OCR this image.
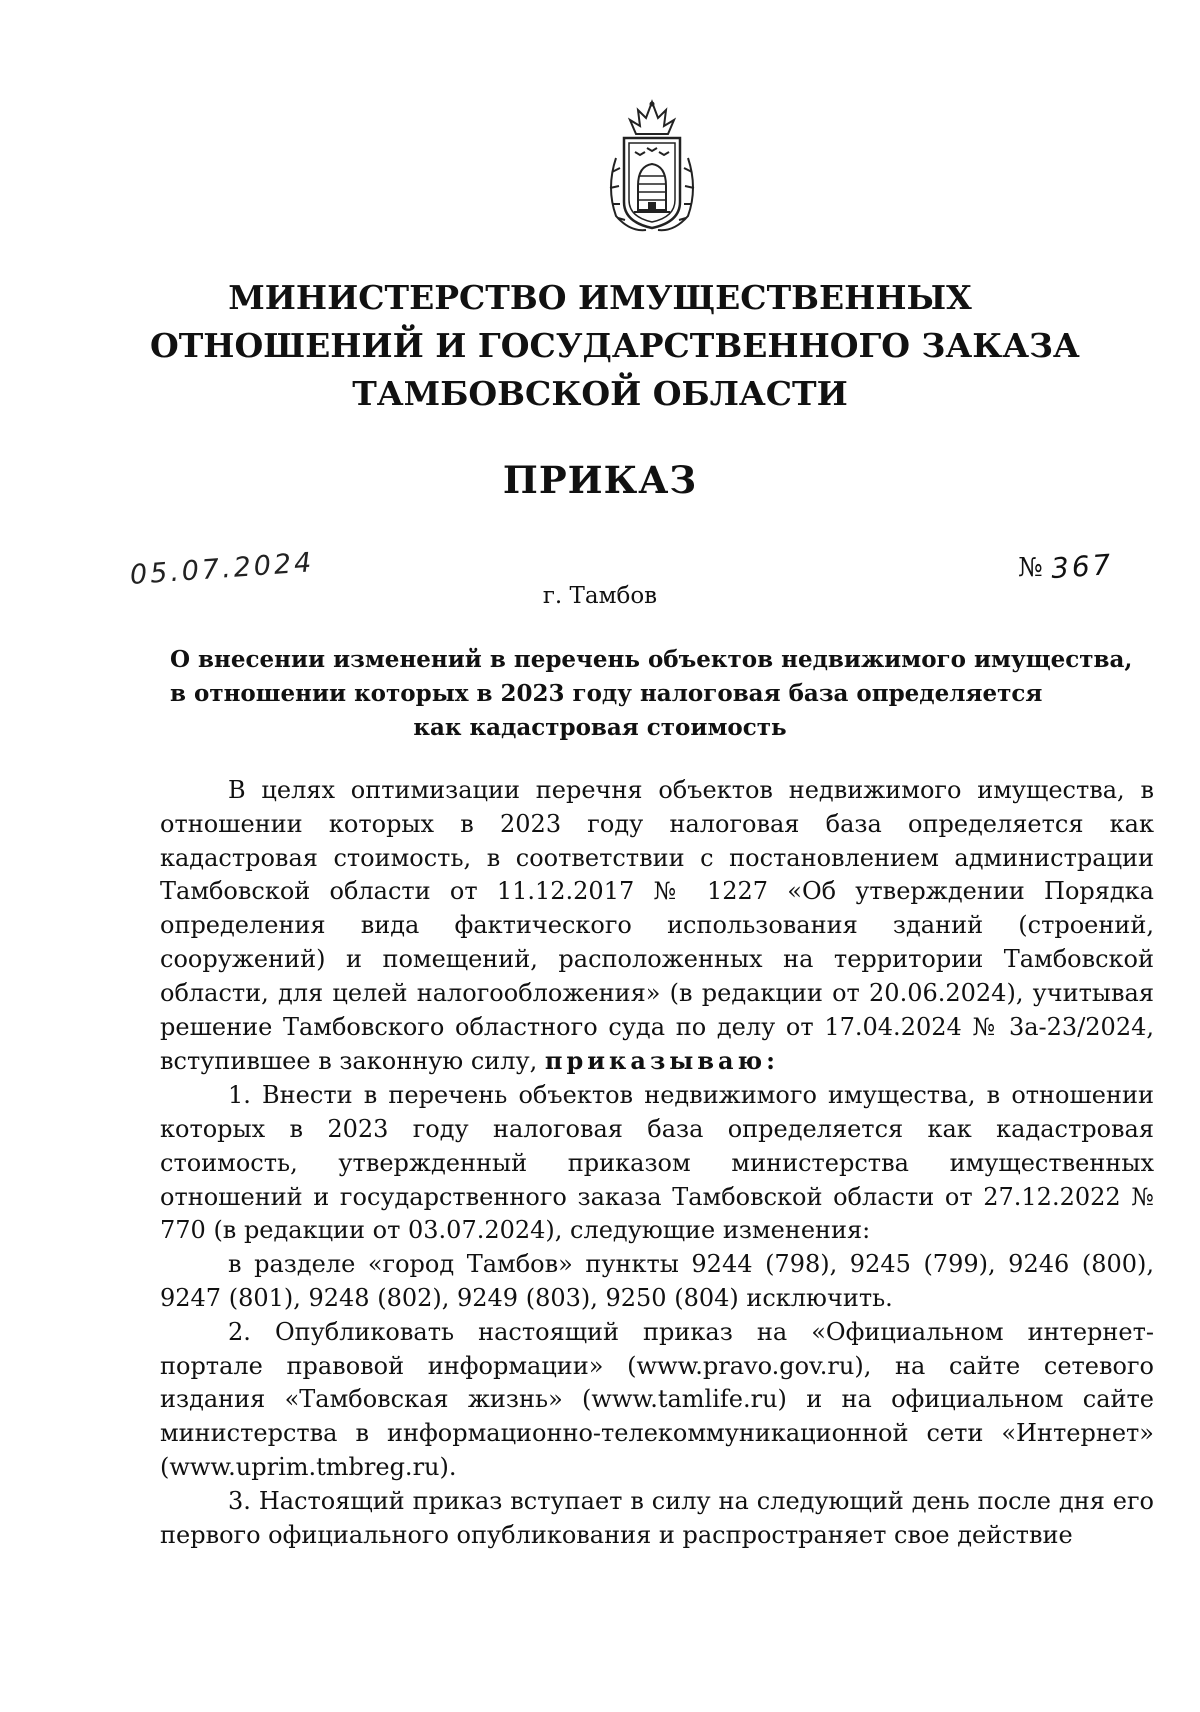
МИНИСТЕРСТВО ИМУЩЕСТВЕННЫХ
ОТНОШЕНИЙ И ГОСУДАРСТВЕННОГО ЗАКАЗА
ТАМБОВСКОЙ ОБЛАСТИ
ПРИКАЗ
05.07.2024	№ 367
г. Тамбов
О внесении изменений в перечень объектов недвижимого имущества,
в отношении которых в 2023 году налоговая база определяется
как кадастровая стоимость

В целях оптимизации перечня объектов недвижимого имущества, в отношении которых в 2023 году налоговая база определяется как кадастровая стоимость, в соответствии с постановлением администрации Тамбовской области от 11.12.2017 № 1227 «Об утверждении Порядка определения вида фактического использования зданий (строений, сооружений) и помещений, расположенных на территории Тамбовской области, для целей налогообложения» (в редакции от 20.06.2024), учитывая решение Тамбовского областного суда по делу от 17.04.2024 № 3а-23/2024, вступившее в законную силу, приказываю:

1. Внести в перечень объектов недвижимого имущества, в отношении которых в 2023 году налоговая база определяется как кадастровая стоимость, утвержденный приказом министерства имущественных отношений и государственного заказа Тамбовской области от 27.12.2022 № 770 (в редакции от 03.07.2024), следующие изменения:

в разделе «город Тамбов» пункты 9244 (798), 9245 (799), 9246 (800), 9247 (801), 9248 (802), 9249 (803), 9250 (804) исключить.

2. Опубликовать настоящий приказ на «Официальном интернет-портале правовой информации» (www.pravo.gov.ru), на сайте сетевого издания «Тамбовская жизнь» (www.tamlife.ru) и на официальном сайте министерства в информационно-телекоммуникационной сети «Интернет» (www.uprim.tmbreg.ru).

3. Настоящий приказ вступает в силу на следующий день после дня его первого официального опубликования и распространяет свое действие
